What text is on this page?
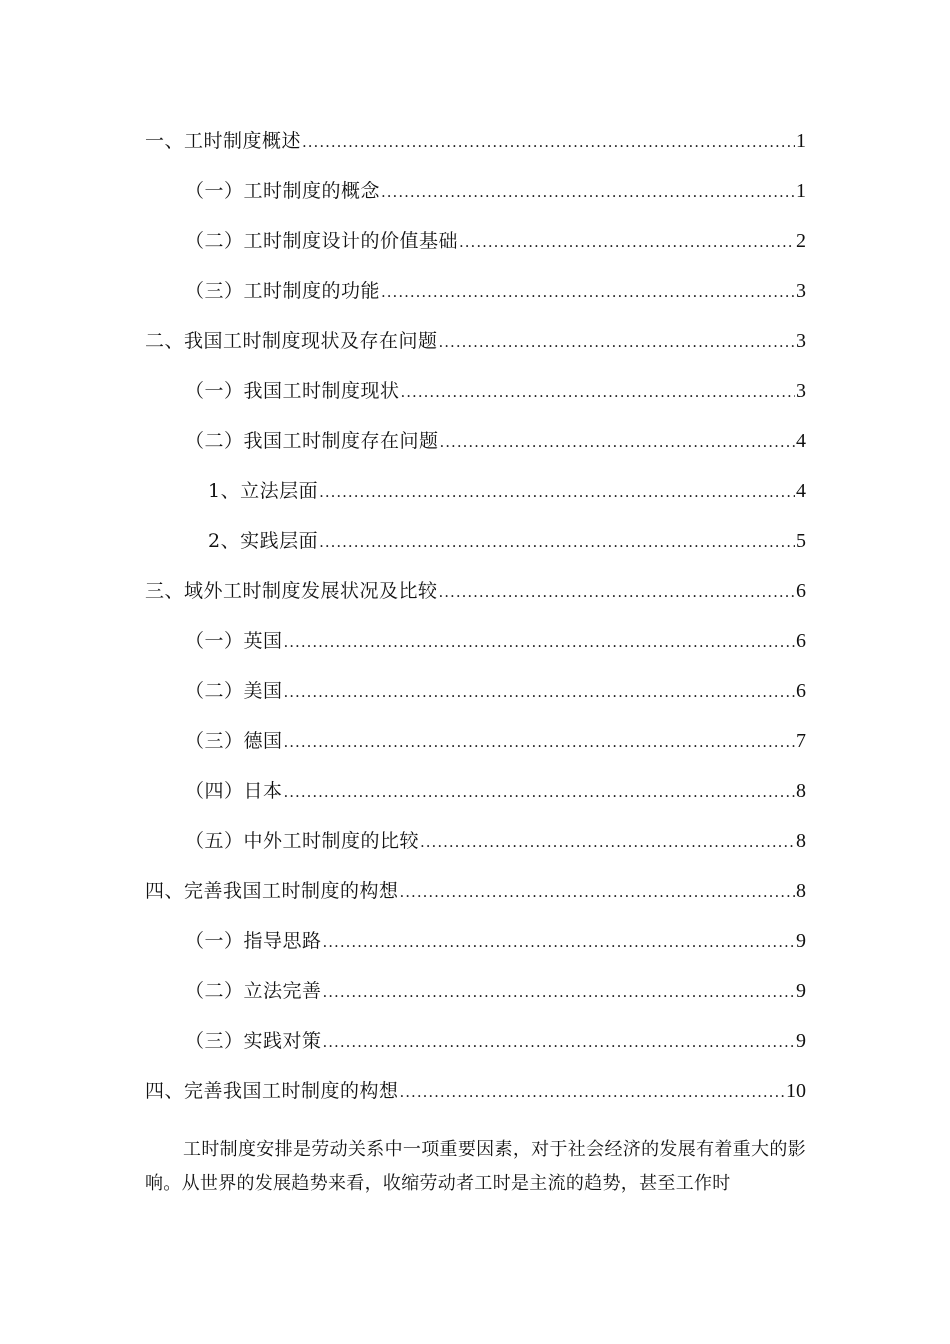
一、工时制度概述 .....	1
（一）工时制度的概念 .....	1
（二）工时制度设计的价值基础 .....	2
（三）工时制度的功能 .....	3
二、我国工时制度现状及存在问题 .....	3
（一）我国工时制度现状 .....	3
（二）我国工时制度存在问题 .....	4
1、立法层面 .....	4
2、实践层面 .....	5
三、域外工时制度发展状况及比较 .....	6
（一）英国 .....	6
（二）美国 .....	6
（三）德国 .....	7
（四）日本 .....	8
（五）中外工时制度的比较 .....	8
四、完善我国工时制度的构想 .....	8
（一）指导思路 .....	9
（二）立法完善 .....	9
（三）实践对策 .....	9
四、完善我国工时制度的构想 .....	10

工时制度安排是劳动关系中一项重要因素，对于社会经济的发展有着重大的影响。从世界的发展趋势来看，收缩劳动者工时是主流的趋势，甚至工作时
